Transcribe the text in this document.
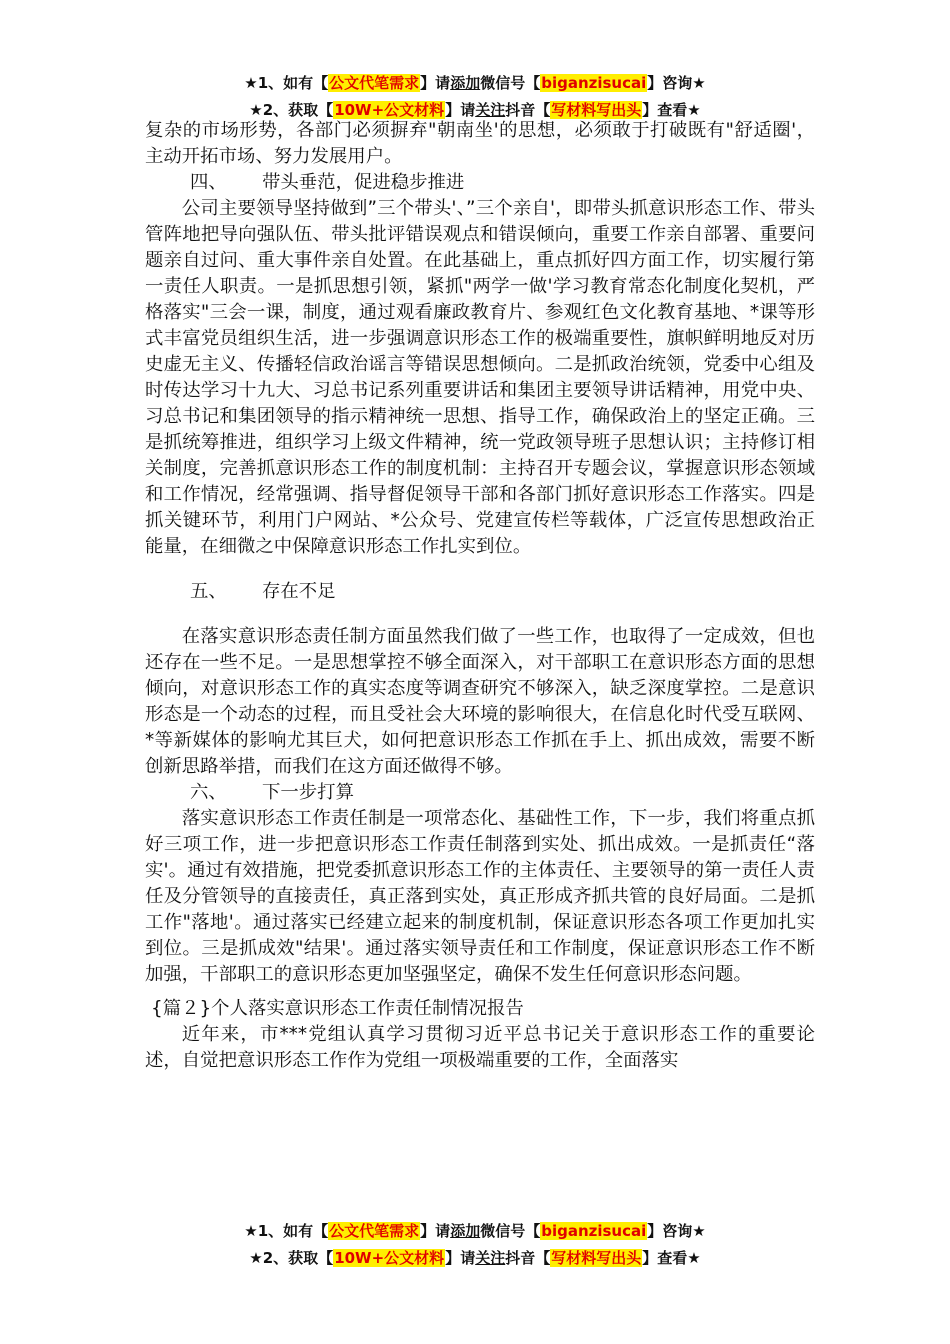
★1、如有【公文代笔需求】请添加微信号【biganzisucai】咨询★
★2、获取【10W+公文材料】请关注抖音【写材料写出头】查看★

复杂的市场形势，各部门必须摒弃"朝南坐'的思想，必须敢于打破既有"舒适圈'，主动开拓市场、努力发展用户。

四、 带头垂范，促进稳步推进

公司主要领导坚持做到”三个带头'、”三个亲自'，即带头抓意识形态工作、带头管阵地把导向强队伍、带头批评错误观点和错误倾向，重要工作亲自部署、重要问题亲自过问、重大事件亲自处置。在此基础上，重点抓好四方面工作，切实履行第一责任人职责。一是抓思想引领，紧抓"两学一做'学习教育常态化制度化契机，严格落实"三会一课，制度，通过观看廉政教育片、参观红色文化教育基地、*课等形式丰富党员组织生活，进一步强调意识形态工作的极端重要性，旗帜鲜明地反对历史虚无主义、传播轻信政治谣言等错误思想倾向。二是抓政治统领，党委中心组及时传达学习十九大、习总书记系列重要讲话和集团主要领导讲话精神，用党中央、习总书记和集团领导的指示精神统一思想、指导工作，确保政治上的坚定正确。三是抓统筹推进，组织学习上级文件精神，统一党政领导班子思想认识；主持修订相关制度，完善抓意识形态工作的制度机制：主持召开专题会议，掌握意识形态领域和工作情况，经常强调、指导督促领导干部和各部门抓好意识形态工作落实。四是抓关键环节，利用门户网站、*公众号、党建宣传栏等载体，广泛宣传思想政治正能量，在细微之中保障意识形态工作扎实到位。

五、 存在不足

在落实意识形态责任制方面虽然我们做了一些工作，也取得了一定成效，但也还存在一些不足。一是思想掌控不够全面深入，对干部职工在意识形态方面的思想倾向，对意识形态工作的真实态度等调查研究不够深入，缺乏深度掌控。二是意识形态是一个动态的过程，而且受社会大环境的影响很大，在信息化时代受互联网、*等新媒体的影响尤其巨犬，如何把意识形态工作抓在手上、抓出成效，需要不断创新思路举措，而我们在这方面还做得不够。

六、 下一步打算

落实意识形态工作责任制是一项常态化、基础性工作，下一步，我们将重点抓好三项工作，进一步把意识形态工作责任制落到实处、抓出成效。一是抓责任“落实'。通过有效措施，把党委抓意识形态工作的主体责任、主要领导的第一责任人责任及分管领导的直接责任，真正落到实处，真正形成齐抓共管的良好局面。二是抓工作"落地'。通过落实已经建立起来的制度机制，保证意识形态各项工作更加扎实到位。三是抓成效"结果'。通过落实领导责任和工作制度，保证意识形态工作不断加强，干部职工的意识形态更加坚强坚定，确保不发生任何意识形态问题。

{篇２}个人落实意识形态工作责任制情况报告

近年来，市***党组认真学习贯彻习近平总书记关于意识形态工作的重要论述，自觉把意识形态工作作为党组一项极端重要的工作，全面落实

★1、如有【公文代笔需求】请添加微信号【biganzisucai】咨询★
★2、获取【10W+公文材料】请关注抖音【写材料写出头】查看★
